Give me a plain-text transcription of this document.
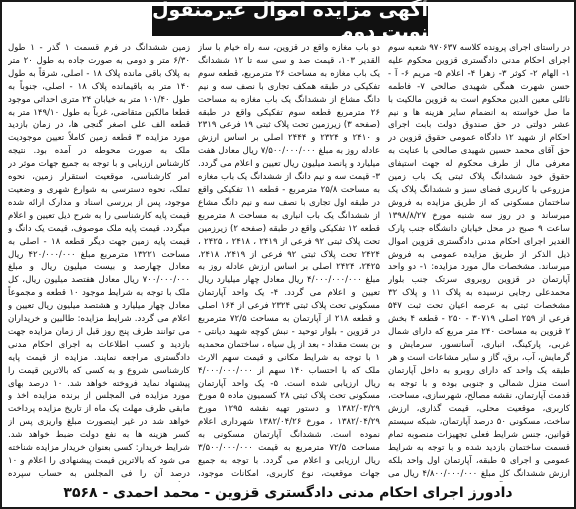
آگهی مزایده اموال غیرمنقول نوبت دوم
در راستای اجرای پرونده کلاسه ۹۷۰۶۳۷ شعبه سوم اجرای احکام مدنی دادگستری قزوین محکوم علیه ۱- الهام ۲- کوثر ۳- زهرا ۴- اعلام ۵- مریم ۶- آ - حسن شهرت همگی شهیدی صالحی ۷- فاطمه نائلی معین الدین محکوم است به قزوین مالکیت با ما صل خواسته به انضمام سایر هزینه ها و نیم عشر دولتی در حق صندوق دولت بابت اجرای احکام از شهید ۱۲ دادگاه عمومی حقوق قزوین در حق آقای محمد حسین شهیدی صالحی با عنایت به معرفی مال از طرف محکوم له جهت استیفای حقوق خود ششدانگ پلاک ثبتی یک باب زمین مزروعی با کاربری فضای سبز و ششدانگ پلاک یک ساختمان مسکونی که از طریق مزایده به فروش میرساند و در روز سه شنبه مورخ ۱۳۹۸/۸/۲۷ ساعت ۹ صبح در محل خیابان دانشگاه جنب پارک الغدیر اجرای احکام مدنی دادگستری قزوین اموال ذیل الذکر از طریق مزایده عمومی به فروش میرساند. مشخصات مال مورد مزایده: ۱- دو واحد آپارتمان در قزوین روبروی سرتک جنب بلوار محمدعلی رجایی نرسیده به پلاک ۱۱ و پلاک ۳۲ مشخصات ثبتی به عرصه اعیان تحت ثبت ۵۴۷ فرعی از ۲۵۹ اصلی ۳۰۷۱۹ - ۲۵۰ - قطعه ۴ بخش ۲ قزوین به مساحت ۲۴۰ متر مربع که دارای شمال غربی، پارکینگ، انباری، آسانسور، سرمایش و گرمایش، آب، برق، گاز و سایر مشاعات است و هر طبقه یک واحد که دارای روبرو به داخل آپارتمان است منزل شمالی و جنوبی بوده و با توجه به قدمت آپارتمان، نقشه مصالح، شهرسازی، مساحت، کاربری، موقعیت محلی، قیمت گذاری، ارزش ساخت، مسکونی ۵۰ درصد آپارتمان، شبکه سیستم قوانین، جنس شرایط فعلی تجهیزات منصوبه تمام قسمت ساختمان بازدید شده و با توجه به شرایط عمومی و اجرای ۵ طبقه، آپارتمان اول واحد بلکه ارزش ششدانگ کل مبلغ ۴/۸۰۰/۰۰۰/۰۰۰ ریال می
دو باب مغازه واقع در قزوین، سه راه خیام با ساز القدیر ۱۰۳، قیمت صد و سی سه تا ۱۲ ششدانگ یک باب مغازه به مساحت ۲۶ مترمربع، قطعه سوم تفکیکی در طبقه همکف تجاری با نصف سه و نیم دانگ مشاع از ششدانگ یک باب مغازه به مساحت ۲۶ مترمربع قطعه سوم تفکیکی واقع در طبقه (صفحه ۳) زیرزمین تحت پلاک ثبتی ۱۹ فرعی ۲۳۱۹ و ۲۴۱۰ و ۲۳۲۴ و ۲۴۴۴ اصلی بر اساس ارزش عادله روز به مبلغ ۷/۵۰۰/۰۰۰/۰۰۰ ریال معادل هفت میلیارد و پانصد میلیون ریال تعیین و اعلام می گردد. ۳- قیمت سه و نیم دانگ از ششدانگ یک باب مغازه به مساحت ۲۵/۸ مترمربع - قطعه ۱۱ تفکیکی واقع در طبقه اول تجاری با نصف سه و نیم دانگ مشاع از ششدانگ یک باب انباری به مساحت ۸ مترمربع قطعه ۱۲ تفکیکی واقع در طبقه (صفحه ۲) زیرزمین تحت پلاک ثبتی ۹۲ فرعی از ۲۴۱۹ ، ۲۴۱۸ ، ۲۴۲۵ ، ۲۴۲۴ تحت پلاک ثبتی ۹۲ فرعی از ۲۴۱۹، ۲۴۱۸، ۲۴۲۵، ۲۴۲۴ اصلی بر اساس ارزش عادله روز به مبلغ ۴/۰۰۰/۰۰۰/۰۰۰ ریال معادل چهار میلیارد ریال تعیین و اعلام می گردد. ۴- یک واحد آپارتمان مسکونی تحت پلاک ثبتی ۲۳۲۴ فرعی از ۱۶۴ اصلی و قطعه ۲۱۸ از آپارتمان به مساحت ۷۲/۵ مترمربع در قزوین - بلوار توحید - نبش کوچه شهید دیانتی - بن بست مقداد - بعد از پل سیاه ، ساختمان محمدیه ۱ با توجه به شرایط مکانی و قیمت سهم الارث ملک که با احتساب ۱۴۰ سهم از ۴/۰۰۰/۰۰۰/۰۰۰ ریال ارزیابی شده است. ۵- یک واحد آپارتمان مسکونی تحت پلاک ثبتی ۲۸ کسمیون ماده ۵ مورخ ۱۳۸۲/۰۳/۲۹ و دستور تهیه نقشه ۱۲۹۵ مورخ ۱۳۸۲/۰۴/۲۹ ، مورخ ۱۳۸۲/۰۴/۲۶ شهرداری اعلام نموده است. ششدانگ آپارتمان مسکونی به مساحت ۷۲/۵ مترمربع به قیمت ۳/۵۰۰/۰۰۰/۰۰۰ ریال ارزیابی و اعلام می گردد. با توجه به جمیع جهات موقعیت، نوع کاربری، امکانات موجود،
زمین ششدانگ در فرم قسمت ۱ گذر - ۱ طول ۶/۳۰ متر و دومی به صورت جاده به طول ۲۰ متر به پلاک باقی مانده پلاک ۱۸ - اصلی، شرقاً به طول ۱۴۰ متر به باقیمانده پلاک ۱۸ - اصلی، جنوباً به طول ۱۰۱/۴۰ متر به خیابان ۲۴ متری احداثی موجود قطعا مالکین متقاضی، غرباً به طول ۱۴۹/۱۰ متر به قطعه الف علی اصغر گنجی ها، در زمان بازدید مورد مزایده ۳ قطعه زمین کاملاً تعیین موجودیت ملک به صورت محوطه در آمده بود. نتیجه کارشناس ارزیابی و با توجه به جمیع جهات موثر در امر کارشناسی، موقعیت استقرار زمین، نحوه تملک، نحوه دسترسی به شوارع شهری و وضعیت موجود، پس از بررسی اسناد و مدارک ارائه شده قیمت پایه کارشناسی را به شرح ذیل تعیین و اعلام میگردد. قیمت پایه ملک موصوف، قیمت یک دانگ و قیمت پایه زمین جهت دیگر قطعه ۱۸ - اصلی به مساحت ۱۳۲۲۱ مترمربع مبلغ ۴۲۰/۰۰۰/۰۰۰ ریال معادل چهارصد و بیست میلیون ریال و مبلغ ۷۰۰/۰۰۰/۰۰۰ ریال معادل هفتصد میلیون ریال، کل ملک با توجه به شرایط موجود ۱۰ قطعه و مجموعاً معادل چهار میلیارد و هشتصد میلیون ریال تعیین و اعلام می گردد. شرایط مزایده: طالبین و خریداران می توانند ظرف پنج روز قبل از زمان مزایده جهت بازدید و کسب اطلاعات به اجرای احکام مدنی دادگستری مراجعه نمایند. مزایده از قیمت پایه کارشناسی شروع و به کسی که بالاترین قیمت را پیشنهاد نماید فروخته خواهد شد. ۱۰ درصد بهای مورد مزایده فی المجلس از برنده مزایده اخذ و مابقی ظرف مهلت یک ماه از تاریخ مزایده پرداخت خواهد شد در غیر اینصورت مبلغ واریزی پس از کسر هزینه ها به نفع دولت ضبط خواهد شد. شرایط خریدار: کسی بعنوان خریدار مزایده شناخته می شود که بالاترین قیمت پیشنهادی را اعلام و ۱۰ درصد آن را فی المجلس به حساب سپرده
دادورز اجرای احکام مدنی دادگستری قزوین - محمد احمدی - ۳۵۶۸
